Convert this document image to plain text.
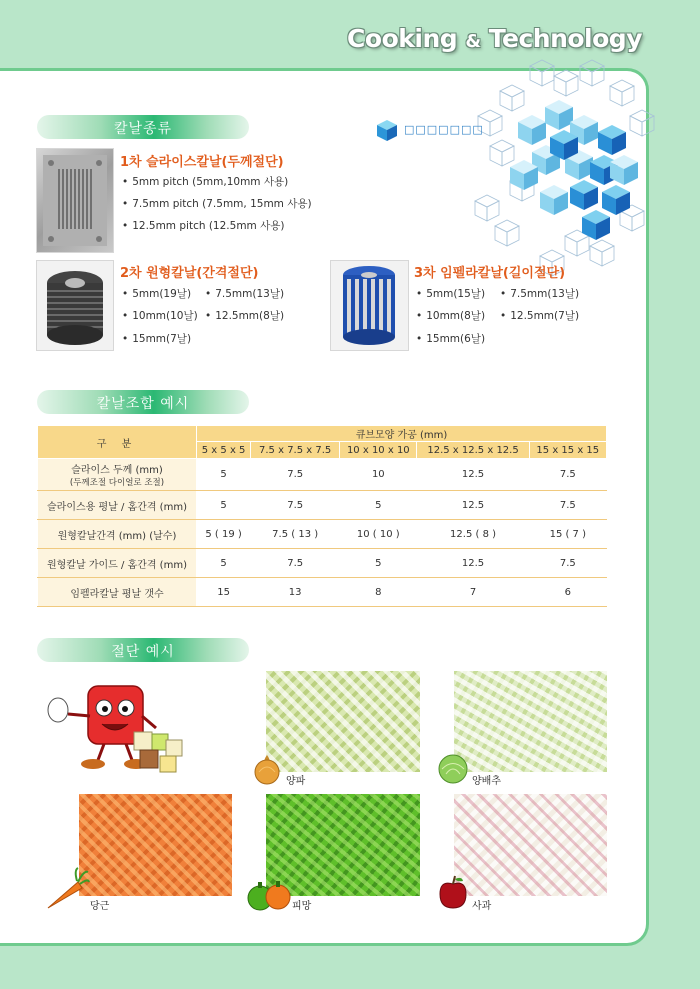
Cooking & Technology
□□□□□□□
칼날종류
1차 슬라이스칼날(두께절단)
• 5mm pitch (5mm,10mm 사용)
• 7.5mm pitch (7.5mm, 15mm 사용)
• 12.5mm pitch (12.5mm 사용)
2차 원형칼날(간격절단)
• 5mm(19날)	• 7.5mm(13날)
• 10mm(10날)	• 12.5mm(8날)
• 15mm(7날)
3차 임펠라칼날(길이절단)
• 5mm(15날)	• 7.5mm(13날)
• 10mm(8날)	• 12.5mm(7날)
• 15mm(6날)
칼날조합 예시
구 분	큐브모양 가공 (mm)				
	5 x 5 x 5	7.5 x 7.5 x 7.5	10 x 10 x 10	12.5 x 12.5 x 12.5	15 x 15 x 15

슬라이스 두께 (mm)
(두께조절 다이얼로 조절)	5	7.5	10	12.5	7.5
슬라이스용 평날 / 홈간격 (mm)	5	7.5	5	12.5	7.5
원형칼날간격 (mm) (날수)	5 ( 19 )	7.5 ( 13 )	10 ( 10 )	12.5 ( 8 )	15 ( 7 )
원형칼날 가이드 / 홈간격 (mm)	5	7.5	5	12.5	7.5
임펠라칼날 평날 갯수	15	13	8	7	6
절단 예시
양파	양배추
당근	피망	사과
